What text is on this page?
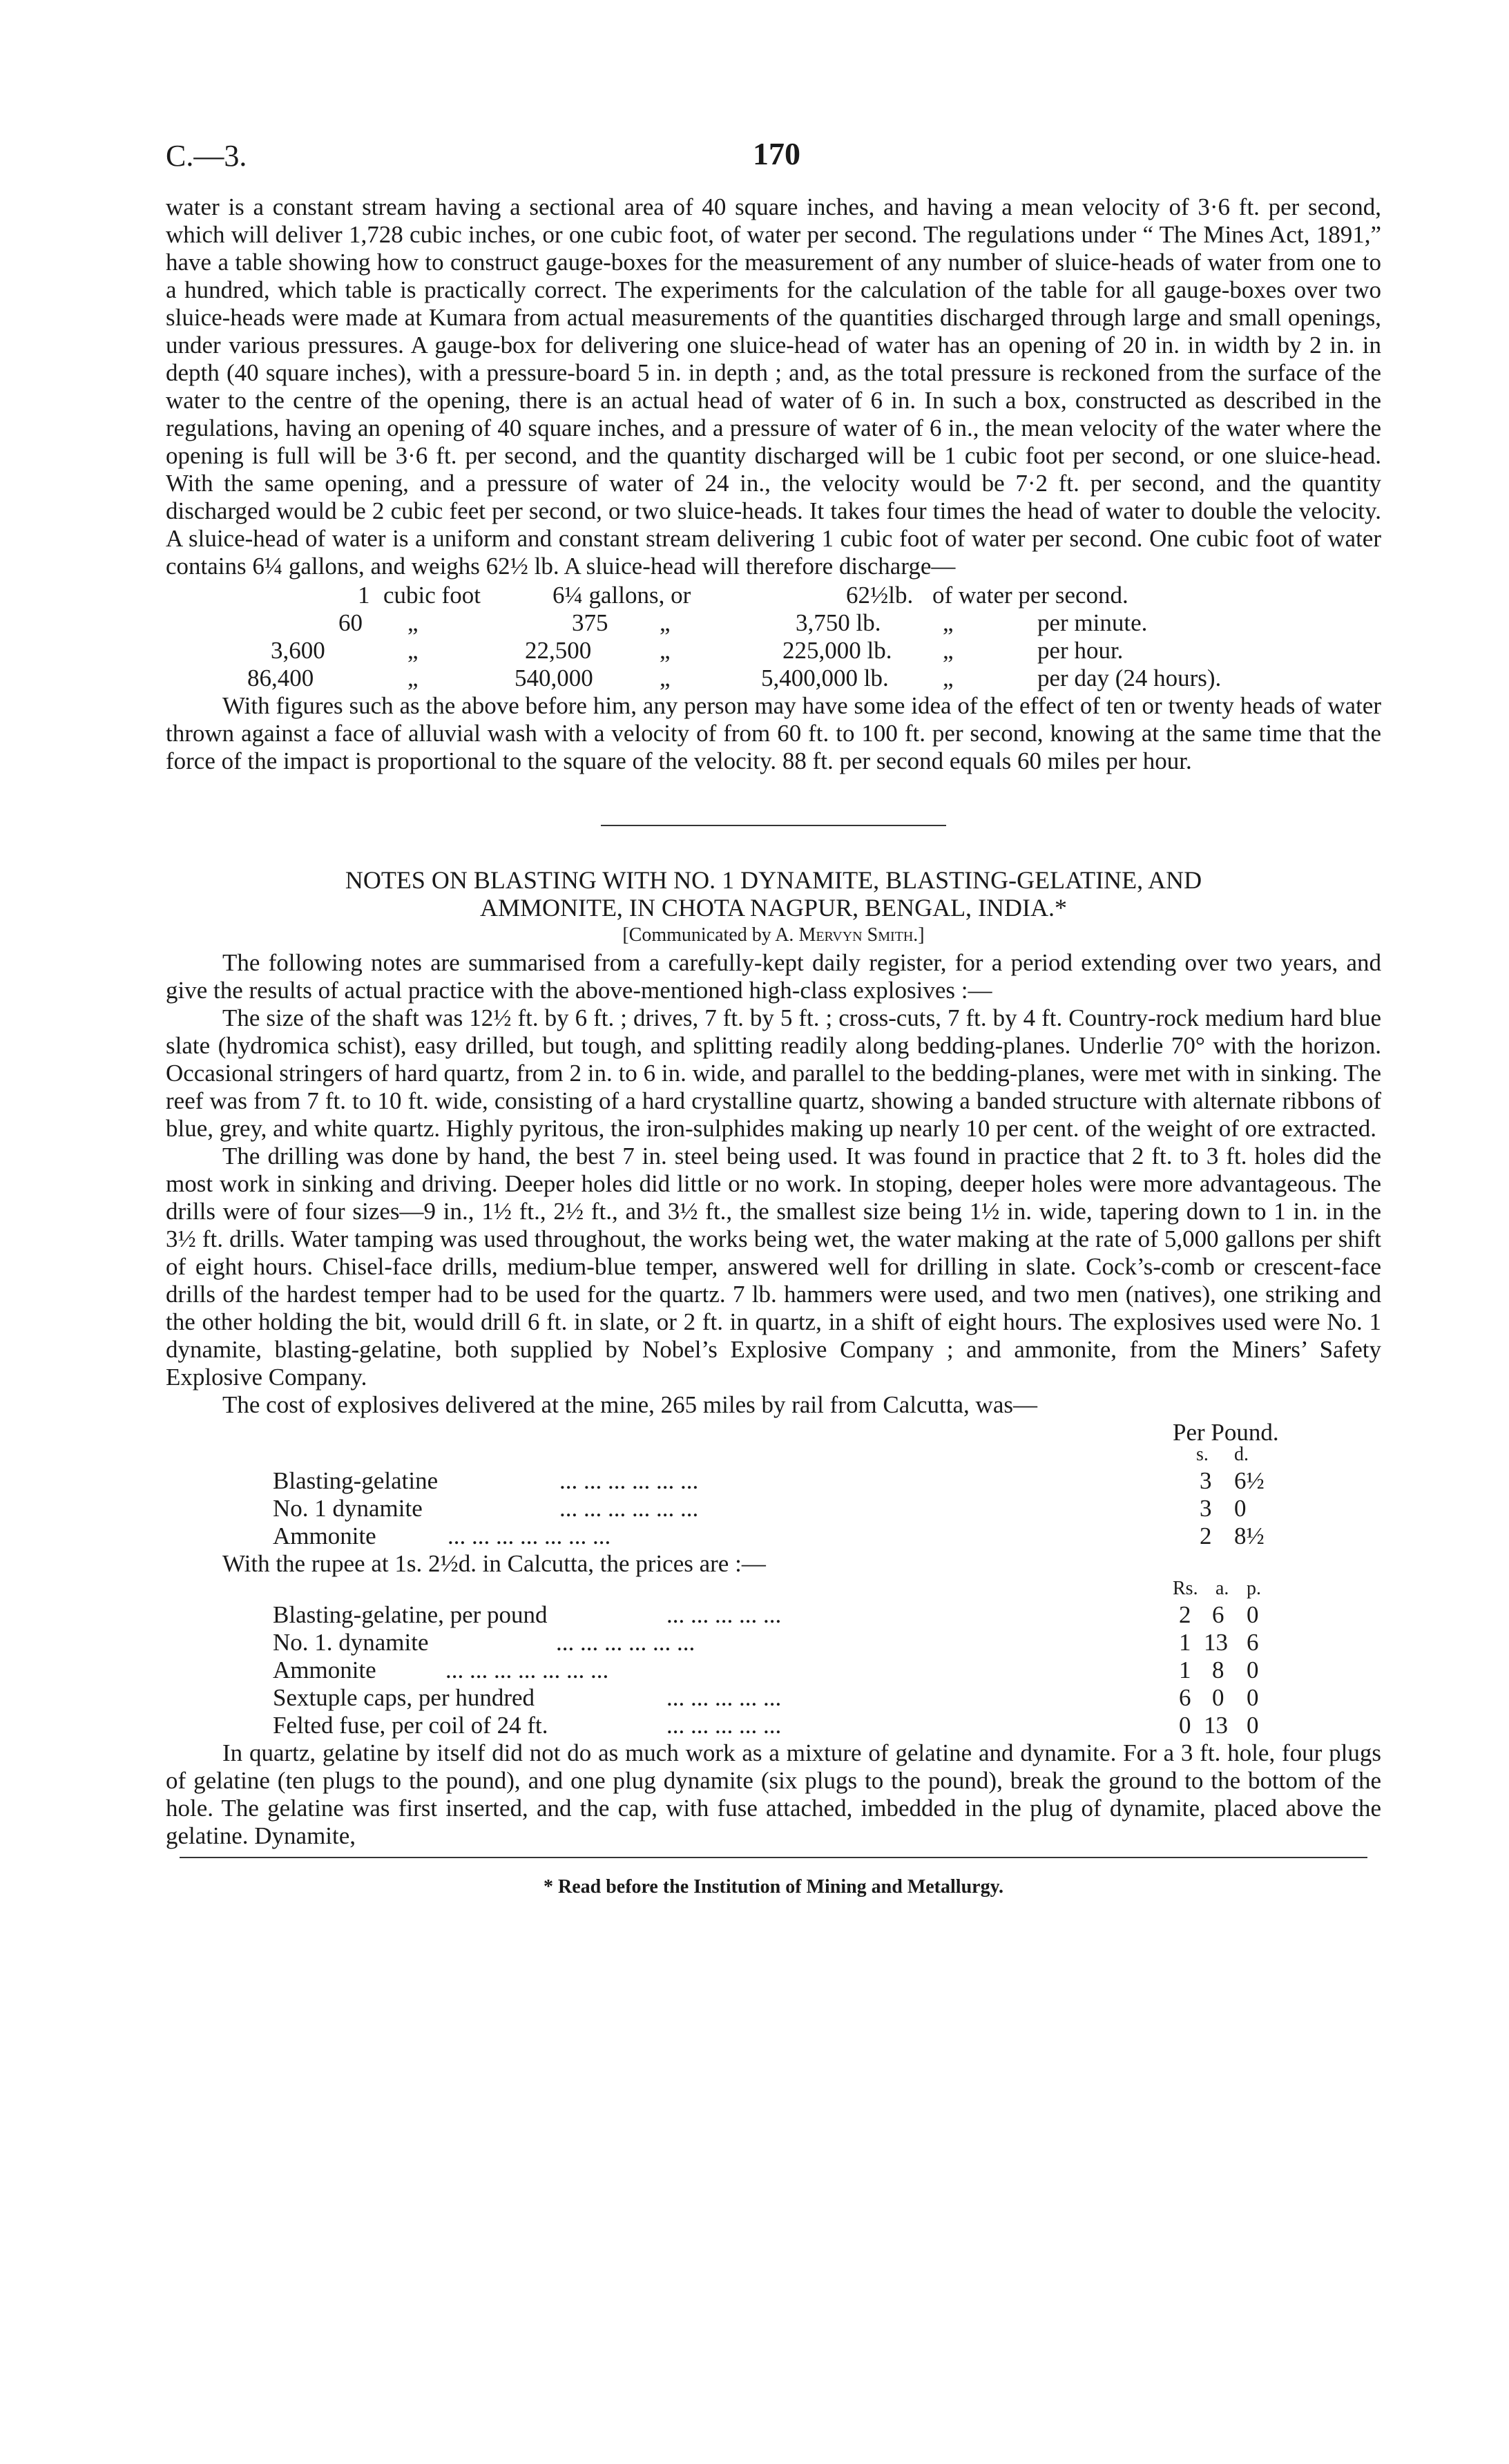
C.—3.	170

water is a constant stream having a sectional area of 40 square inches, and having a mean velocity of 3·6 ft. per second, which will deliver 1,728 cubic inches, or one cubic foot, of water per second. The regulations under “ The Mines Act, 1891,” have a table showing how to construct gauge-boxes for the measurement of any number of sluice-heads of water from one to a hundred, which table is practically correct. The experiments for the calculation of the table for all gauge-boxes over two sluice-heads were made at Kumara from actual measurements of the quantities discharged through large and small openings, under various pressures. A gauge-box for delivering one sluice-head of water has an opening of 20 in. in width by 2 in. in depth (40 square inches), with a pressure-board 5 in. in depth ; and, as the total pressure is reckoned from the surface of the water to the centre of the opening, there is an actual head of water of 6 in. In such a box, constructed as described in the regulations, having an opening of 40 square inches, and a pressure of water of 6 in., the mean velocity of the water where the opening is full will be 3·6 ft. per second, and the quantity discharged will be 1 cubic foot per second, or one sluice-head. With the same opening, and a pressure of water of 24 in., the velocity would be 7·2 ft. per second, and the quantity discharged would be 2 cubic feet per second, or two sluice-heads. It takes four times the head of water to double the velocity. A sluice-head of water is a uniform and constant stream delivering 1 cubic foot of water per second. One cubic foot of water contains 6¼ gallons, and weighs 62½ lb. A sluice-head will therefore discharge—

1 cubic foot	6¼ gallons, or	62½lb. of water per second.
60 „	375 „	3,750 lb.	„	per minute.
3,600	„	22,500	„	225,000 lb. „	per hour.
86,400	„	540,000	„	5,400,000 lb. „	per day (24 hours).

With figures such as the above before him, any person may have some idea of the effect of ten or twenty heads of water thrown against a face of alluvial wash with a velocity of from 60 ft. to 100 ft. per second, knowing at the same time that the force of the impact is proportional to the square of the velocity. 88 ft. per second equals 60 miles per hour.

NOTES ON BLASTING WITH NO. 1 DYNAMITE, BLASTING-GELATINE, AND
AMMONITE, IN CHOTA NAGPUR, BENGAL, INDIA.*
[Communicated by A. Mervyn Smith.]

The following notes are summarised from a carefully-kept daily register, for a period extending over two years, and give the results of actual practice with the above-mentioned high-class explosives :—

The size of the shaft was 12½ ft. by 6 ft. ; drives, 7 ft. by 5 ft. ; cross-cuts, 7 ft. by 4 ft. Country-rock medium hard blue slate (hydromica schist), easy drilled, but tough, and splitting readily along bedding-planes. Underlie 70° with the horizon. Occasional stringers of hard quartz, from 2 in. to 6 in. wide, and parallel to the bedding-planes, were met with in sinking. The reef was from 7 ft. to 10 ft. wide, consisting of a hard crystalline quartz, showing a banded structure with alternate ribbons of blue, grey, and white quartz. Highly pyritous, the iron-sulphides making up nearly 10 per cent. of the weight of ore extracted.

The drilling was done by hand, the best 7 in. steel being used. It was found in practice that 2 ft. to 3 ft. holes did the most work in sinking and driving. Deeper holes did little or no work. In stoping, deeper holes were more advantageous. The drills were of four sizes—9 in., 1½ ft., 2½ ft., and 3½ ft., the smallest size being 1½ in. wide, tapering down to 1 in. in the 3½ ft. drills. Water tamping was used throughout, the works being wet, the water making at the rate of 5,000 gallons per shift of eight hours. Chisel-face drills, medium-blue temper, answered well for drilling in slate. Cock’s-comb or crescent-face drills of the hardest temper had to be used for the quartz. 7 lb. hammers were used, and two men (natives), one striking and the other holding the bit, would drill 6 ft. in slate, or 2 ft. in quartz, in a shift of eight hours. The explosives used were No. 1 dynamite, blasting-gelatine, both supplied by Nobel’s Explosive Company ; and ammonite, from the Miners’ Safety Explosive Company.

The cost of explosives delivered at the mine, 265 miles by rail from Calcutta, was—

Per Pound.
s. d.
Blasting-gelatine	... ... ... ... ... ...	3 6½
No. 1 dynamite	... ... ... ... ... ...	3 0
Ammonite	... ... ... ... ... ... ...	2 8½

With the rupee at 1s. 2½d. in Calcutta, the prices are :—

Rs. a. p.
Blasting-gelatine, per pound	... ... ... ... ...	2 6 0
No. 1. dynamite	... ... ... ... ... ...	1 13 6
Ammonite	... ... ... ... ... ... ...	1 8 0
Sextuple caps, per hundred	... ... ... ... ...	6 0 0
Felted fuse, per coil of 24 ft.	... ... ... ... ...	0 13 0

In quartz, gelatine by itself did not do as much work as a mixture of gelatine and dynamite. For a 3 ft. hole, four plugs of gelatine (ten plugs to the pound), and one plug dynamite (six plugs to the pound), break the ground to the bottom of the hole. The gelatine was first inserted, and the cap, with fuse attached, imbedded in the plug of dynamite, placed above the gelatine. Dynamite,

* Read before the Institution of Mining and Metallurgy.
